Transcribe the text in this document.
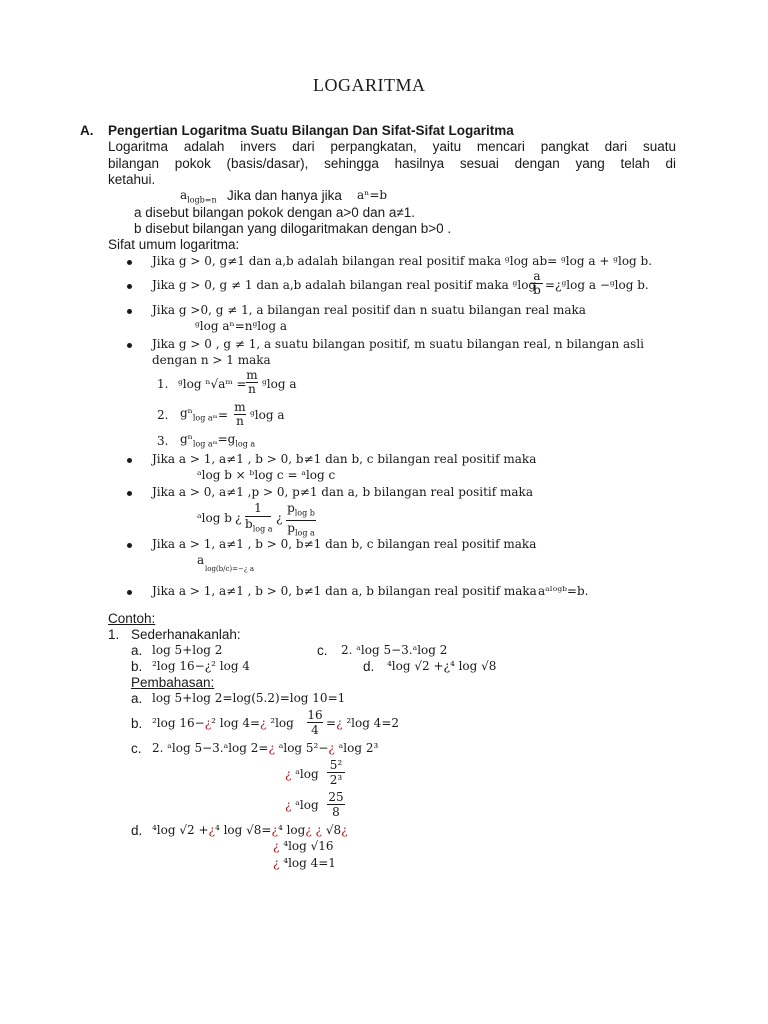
LOGARITMA
A. Pengertian Logaritma Suatu Bilangan Dan Sifat-Sifat Logaritma
Logaritma adalah invers dari perpangkatan, yaitu mencari pangkat dari suatu
bilangan pokok (basis/dasar), sehingga hasilnya sesuai dengan yang telah di
ketahui.
$a_{logb=n}$ Jika dan hanya jika aⁿ=b
a disebut bilangan pokok dengan a>0 dan a≠1.
b disebut bilangan yang dilogaritmakan dengan b>0 .
Sifat umum logaritma:
Jika g > 0, g≠1 dan a,b adalah bilangan real positif maka ᵍlog ab= ᵍlog a + ᵍlog b.
Jika g > 0, g ≠ 1 dan a,b adalah bilangan real positif maka ᵍlog
$\frac{a}{b}$ =¿ᵍlog a −ᵍlog b.
Jika g >0, g ≠ 1, a bilangan real positif dan n suatu bilangan real maka
ᵍlog aⁿ=nᵍlog a
Jika g > 0 , g ≠ 1, a suatu bilangan positif, m suatu bilangan real, n bilangan asli
dengan n > 1 maka
1. ᵍlog ⁿ√aᵐ = $\frac{m}{n}$ ᵍlog a
2. $g^n_{log aᵐ} = \frac{m}{n}$ ᵍlog a
3. $g^n_{log aᵐ}=g_{log a}$
Jika a > 1, a≠1 , b > 0, b≠1 dan b, c bilangan real positif maka
ᵃlog b × ᵇlog c = ᵃlog c
Jika a > 0, a≠1 ,p > 0, p≠1 dan a, b bilangan real positif maka
ᵃlog b ¿ $\frac{1}{b_{log a}}$ ¿ $\frac{p_{log b}}{p_{log a}}$
Jika a > 1, a≠1 , b > 0, b≠1 dan b, c bilangan real positif maka
a
log(b/c)=−¿ a
Jika a > 1, a≠1 , b > 0, b≠1 dan a, b bilangan real positif maka aᵃˡᵒᵍᵇ=b.
Contoh:
1. Sederhanakanlah:
a. log 5+log 2	c. 2. ᵃlog 5−3.ᵃlog 2
b. ²log 16−¿² log 4	d. ⁴log √2 +¿⁴ log √8
Pembahasan:
a. log 5+log 2=log(5.2)=log 10=1
b. ²log 16−¿² log 4=¿ $^2\log \frac{16}{4}$ =¿ ²log 4=2
c. 2. ᵃlog 5−3.ᵃlog 2=¿ ᵃlog 5²−¿ ᵃlog 2³
¿ ᵃlog $\frac{\text{5²}}{\text{2³}}$
¿ ᵃlog $\frac{25}{8}$
d. ⁴log √2 +¿⁴ log √8=¿⁴ log¿ ¿ √8¿
¿ ⁴log √16
¿ ⁴log 4=1
